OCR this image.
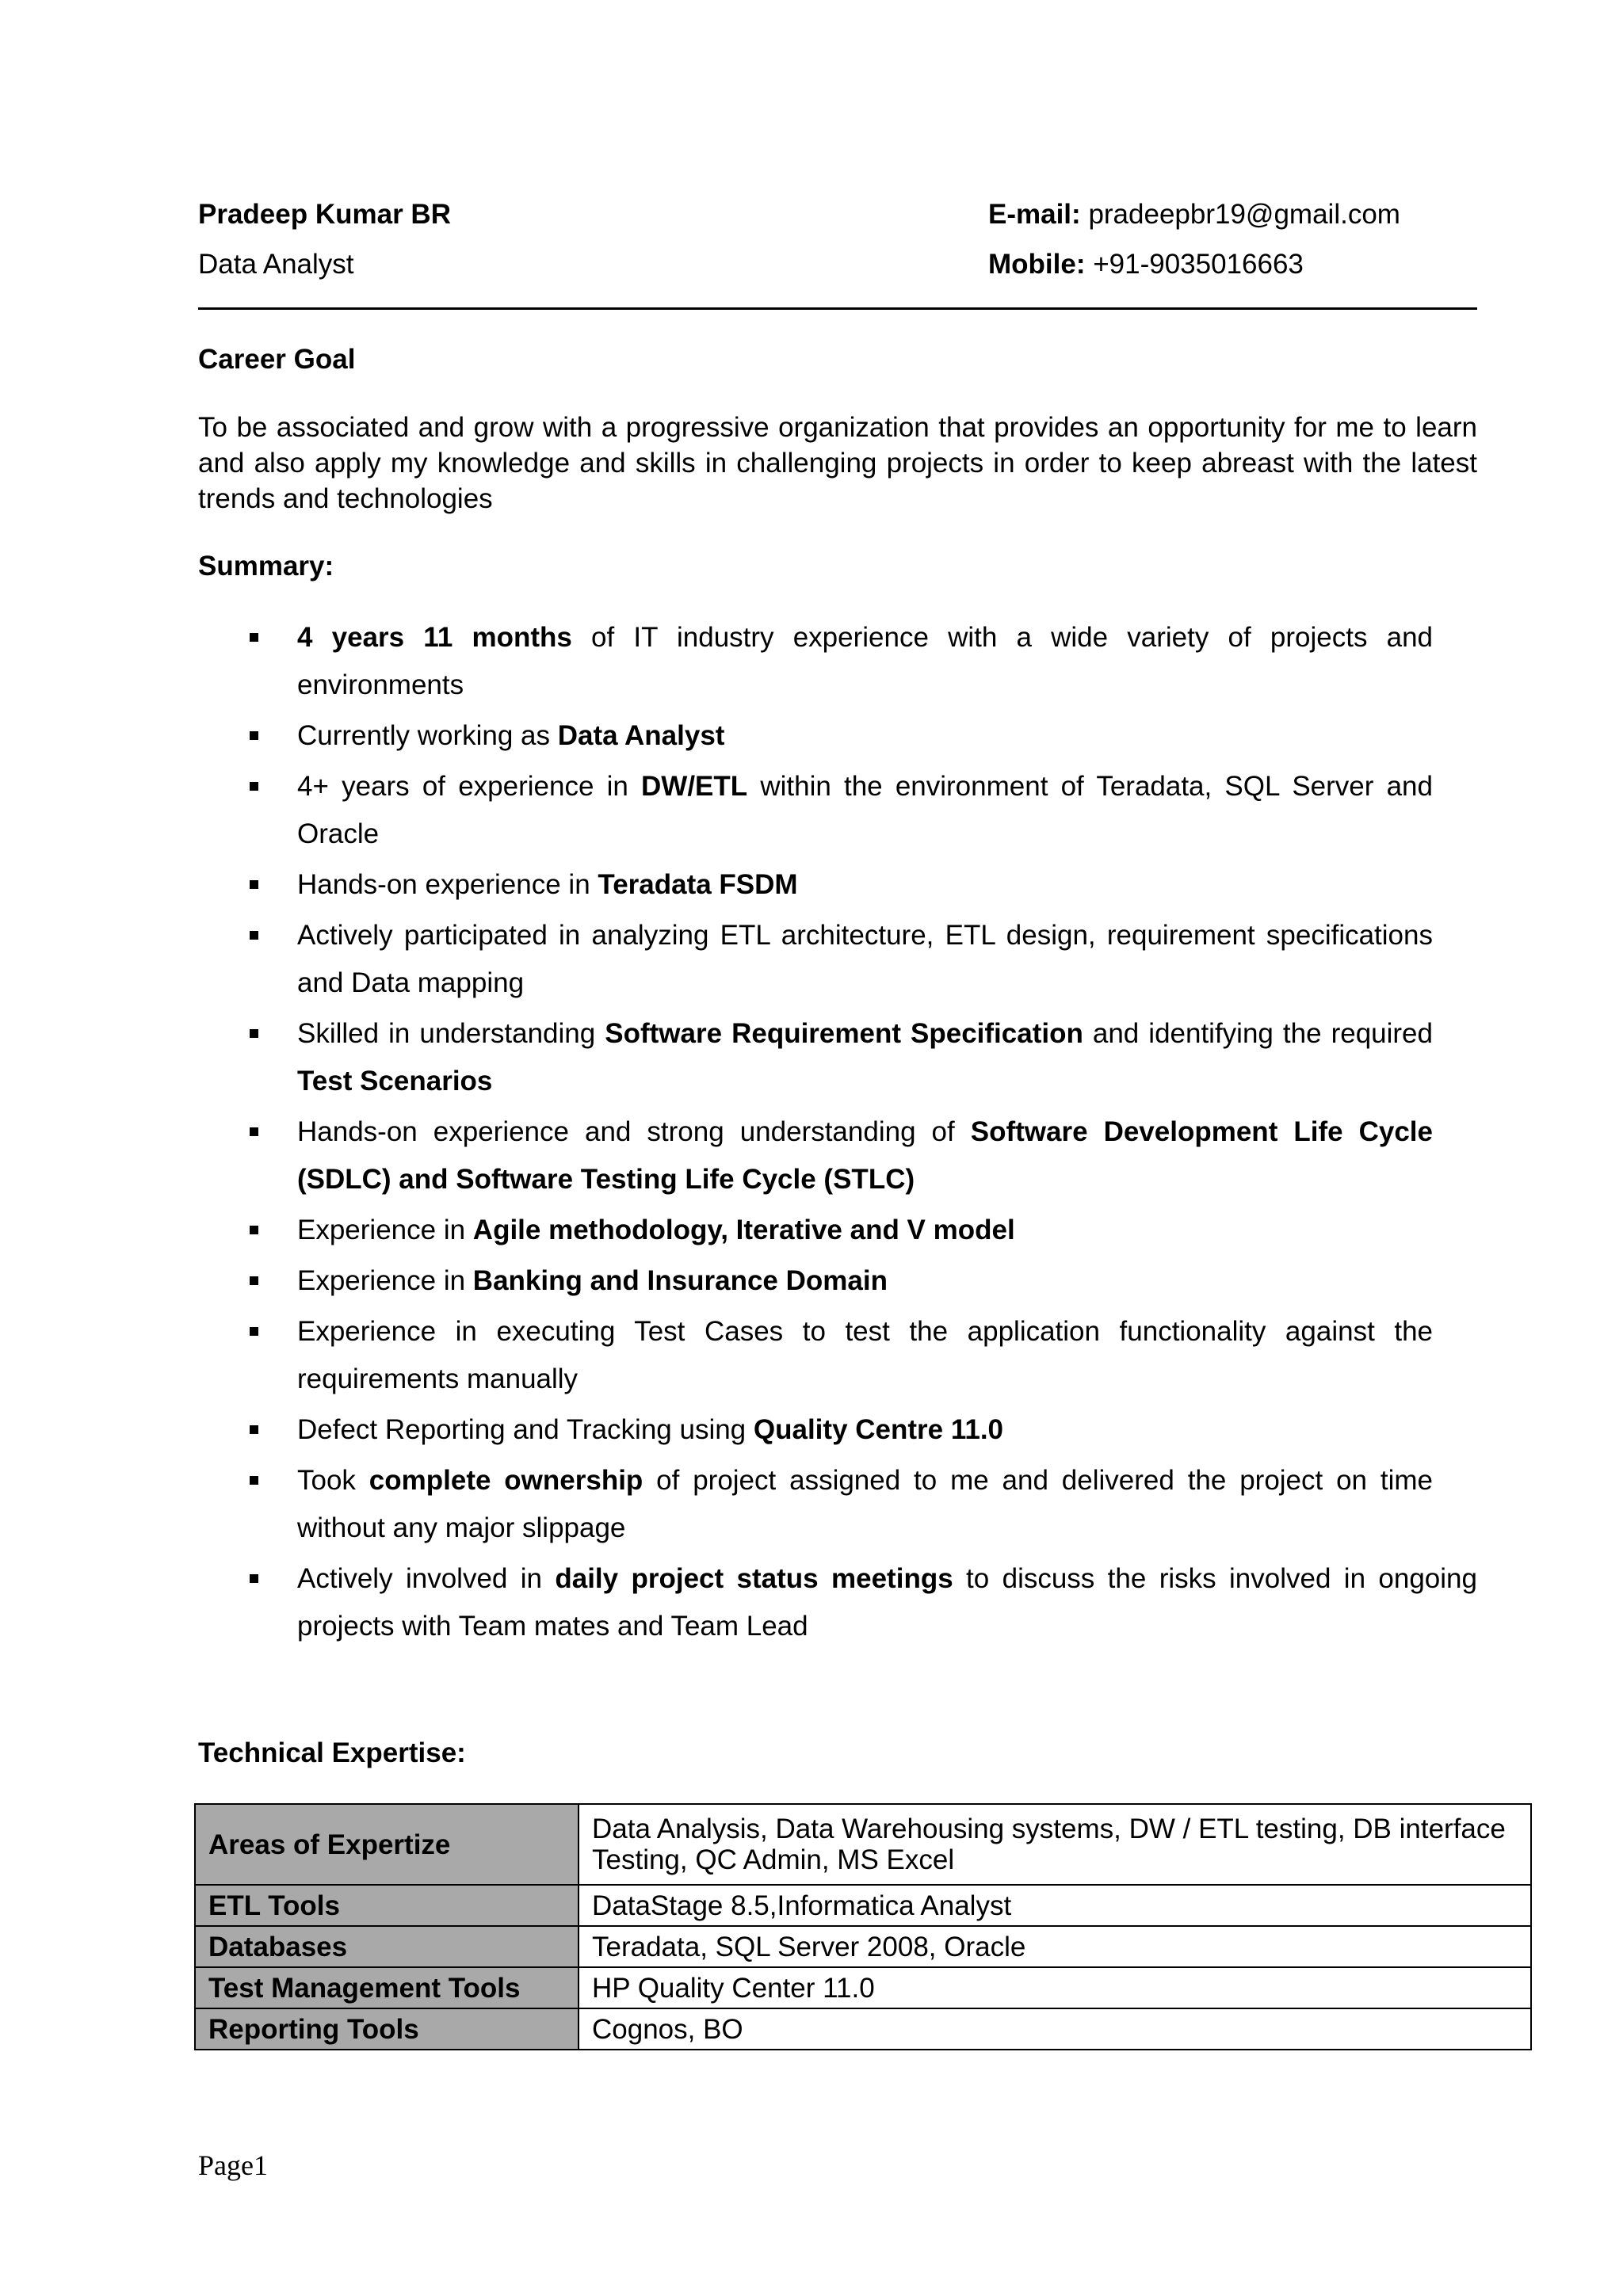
Pradeep Kumar BR
Data Analyst
E-mail: pradeepbr19@gmail.com
Mobile: +91-9035016663
Career Goal
To be associated and grow with a progressive organization that provides an opportunity for me to learn and also apply my knowledge and skills in challenging projects in order to keep abreast with the latest trends and technologies
Summary:
4 years 11 months of IT industry experience with a wide variety of projects and environments
Currently working as Data Analyst
4+ years of experience in DW/ETL within the environment of Teradata, SQL Server and Oracle
Hands-on experience in Teradata FSDM
Actively participated in analyzing ETL architecture, ETL design, requirement specifications and Data mapping
Skilled in understanding Software Requirement Specification and identifying the required Test Scenarios
Hands-on experience and strong understanding of Software Development Life Cycle (SDLC) and Software Testing Life Cycle (STLC)
Experience in Agile methodology, Iterative and V model
Experience in Banking and Insurance Domain
Experience in executing Test Cases to test the application functionality against the requirements manually
Defect Reporting and Tracking using Quality Centre 11.0
Took complete ownership of project assigned to me and delivered the project on time without any major slippage
Actively involved in daily project status meetings to discuss the risks involved in ongoing projects with Team mates and Team Lead
Technical Expertise:
Areas of Expertize	Data Analysis, Data Warehousing systems, DW / ETL testing, DB interface Testing, QC Admin, MS Excel
ETL Tools	DataStage 8.5,Informatica Analyst
Databases	Teradata, SQL Server 2008, Oracle
Test Management Tools	HP Quality Center 11.0
Reporting Tools	Cognos, BO
Page1
